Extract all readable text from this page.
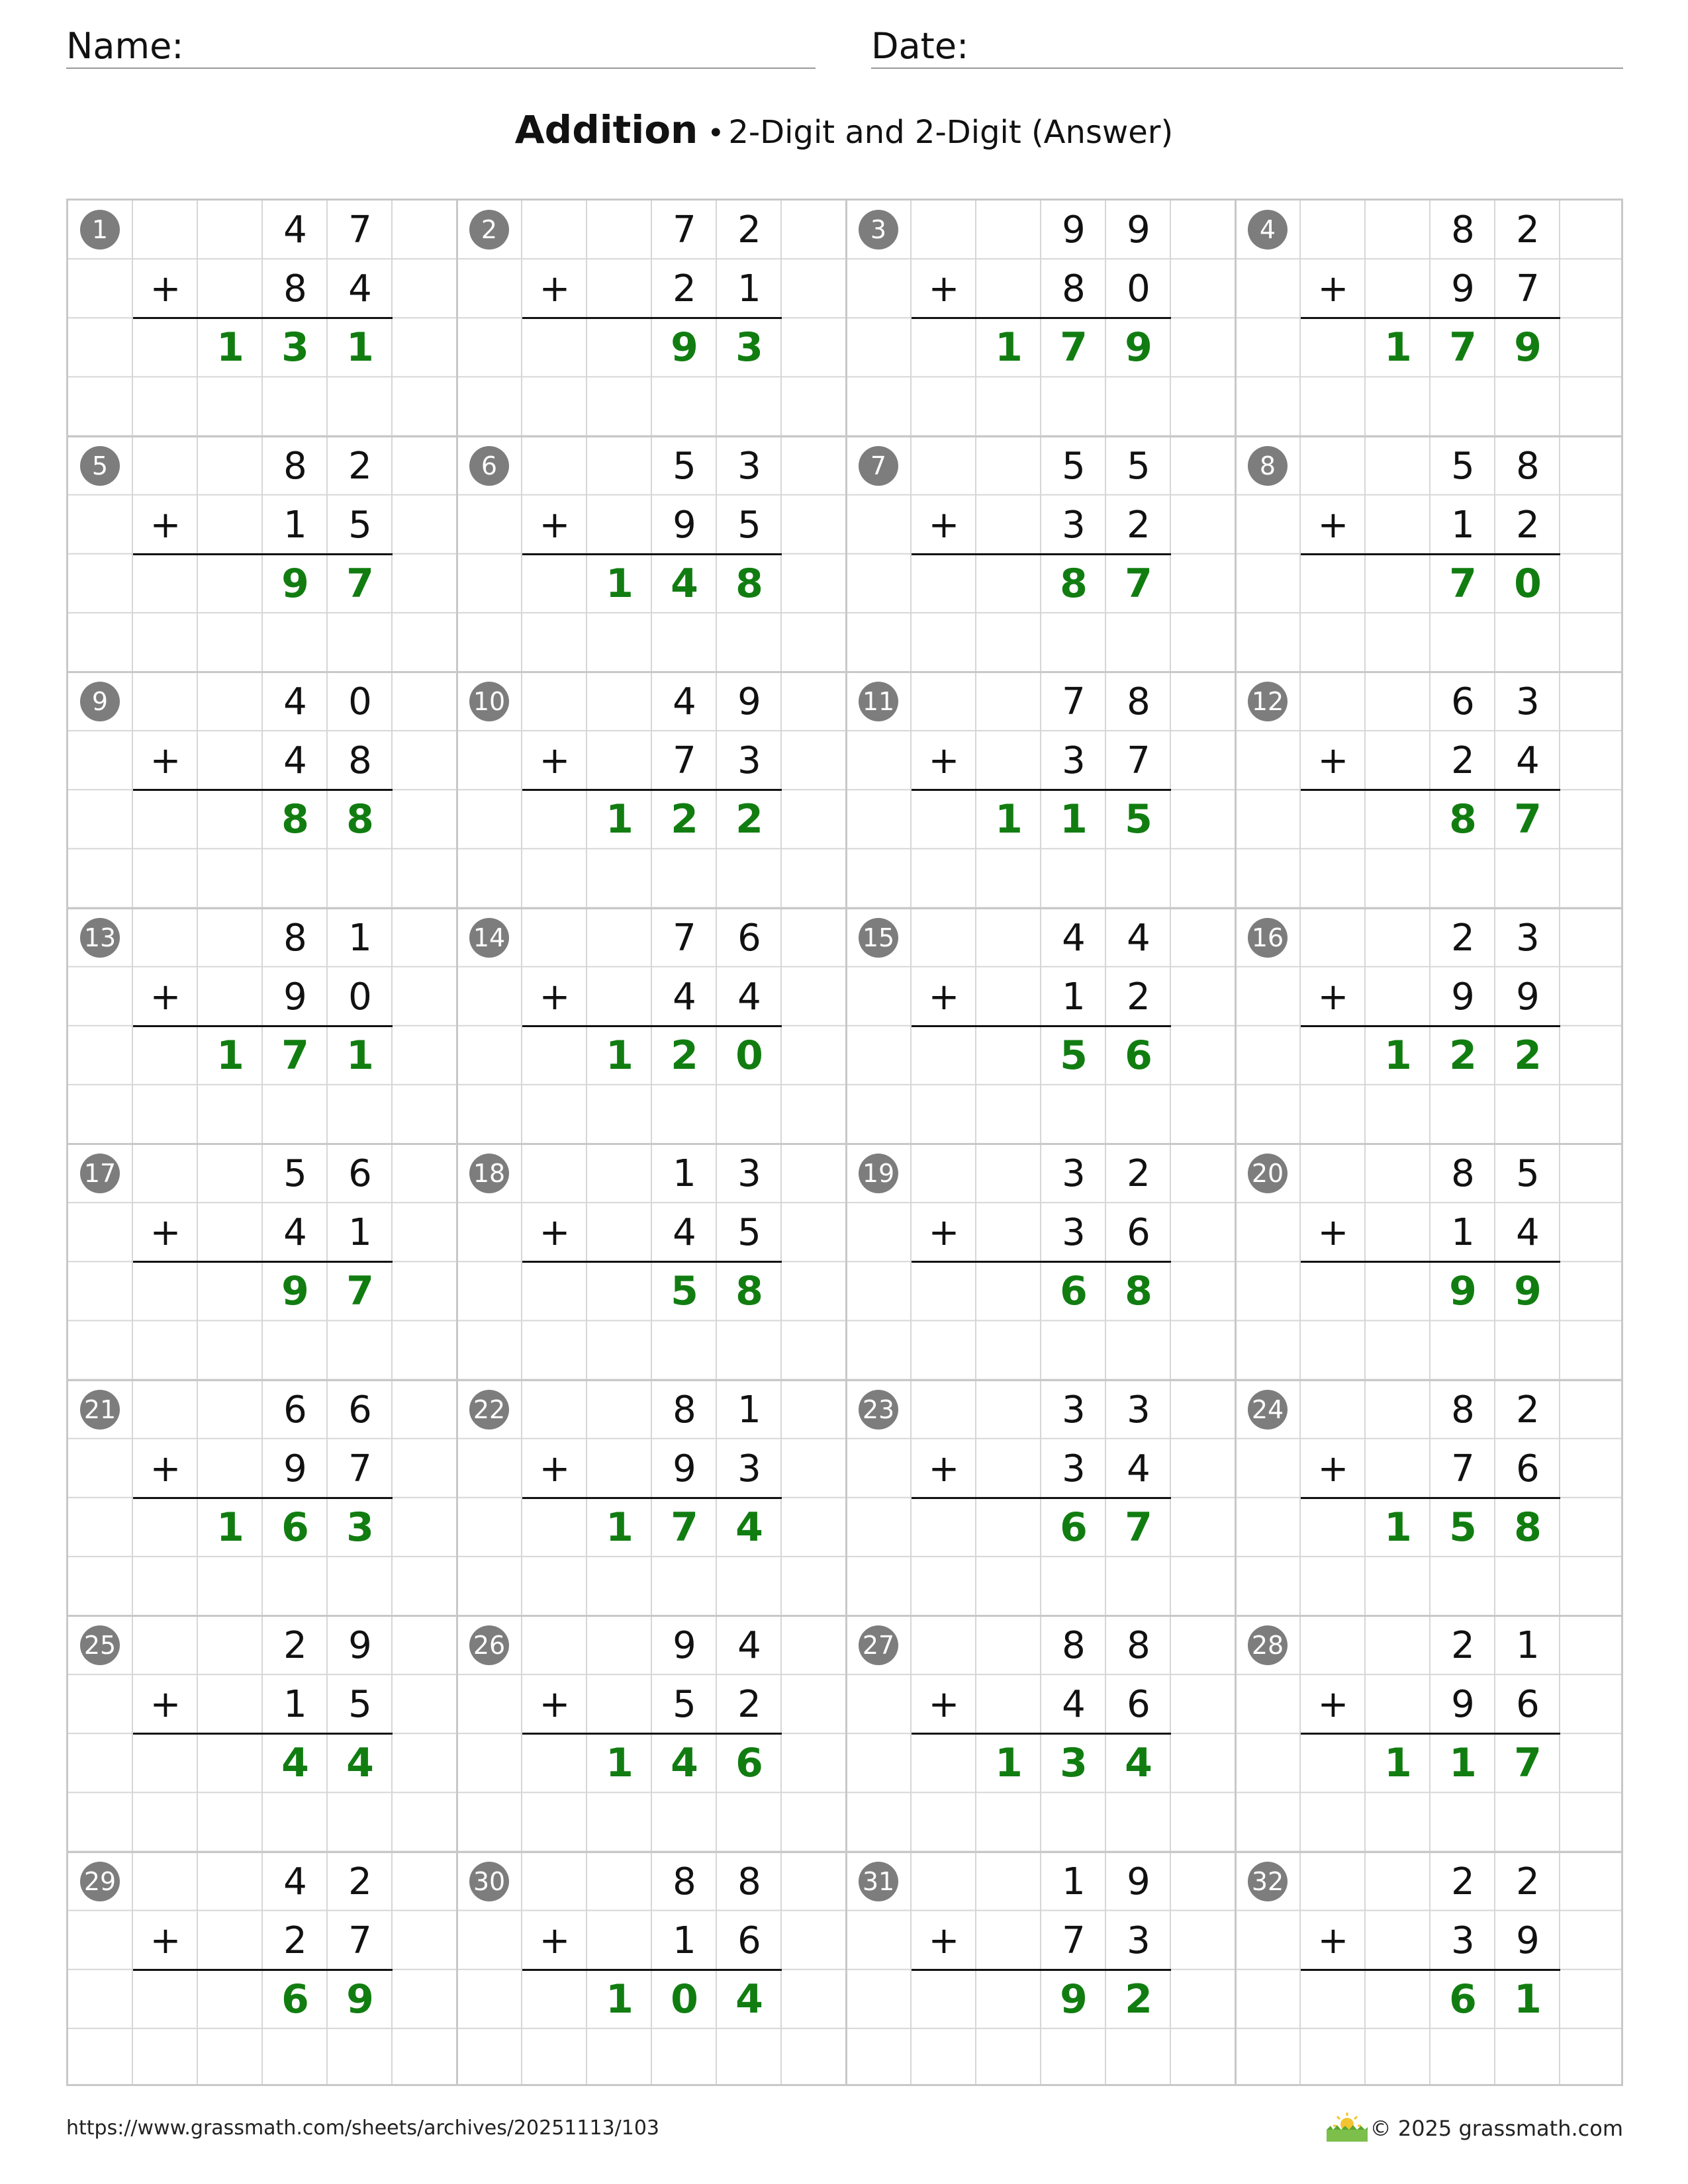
Name:	Date:
Addition • 2-Digit and 2-Digit (Answer)
1	4	7
+	8	4
1 3 1
2	7	2
+	2	1
9 3
3	9	9
+	8	0
1 7 9
4	8	2
+	9	7
1 7 9
5	8	2
+	1	5
9 7
6	5	3
+	9	5
1 4 8
7	5	5
+	3	2
8 7
8	5	8
+	1	2
7 0
9	4	0
+	4	8
8 8
10	4	9
+	7	3
1 2 2
11	7	8
+	3	7
1 1 5
12	6	3
+	2	4
8 7
13	8	1
+	9	0
1 7 1
14	7	6
+	4	4
1 2 0
15	4	4
+	1	2
5 6
16	2	3
+	9	9
1 2 2
17	5	6
+	4	1
9 7
18	1	3
+	4	5
5 8
19	3	2
+	3	6
6 8
20	8	5
+	1	4
9 9
21	6	6
+	9	7
1 6 3
22	8	1
+	9	3
1 7 4
23	3	3
+	3	4
6 7
24	8	2
+	7	6
1 5 8
25	2	9
+	1	5
4 4
26	9	4
+	5	2
1 4 6
27	8	8
+	4	6
1 3 4
28	2	1
+	9	6
1 1 7
29	4	2
+	2	7
6 9
30	8	8
+	1	6
1 0 4
31	1	9
+	7	3
9 2
32	2	2
+	3	9
6 1
https://www.grassmath.com/sheets/archives/20251113/103	© 2025 grassmath.com
